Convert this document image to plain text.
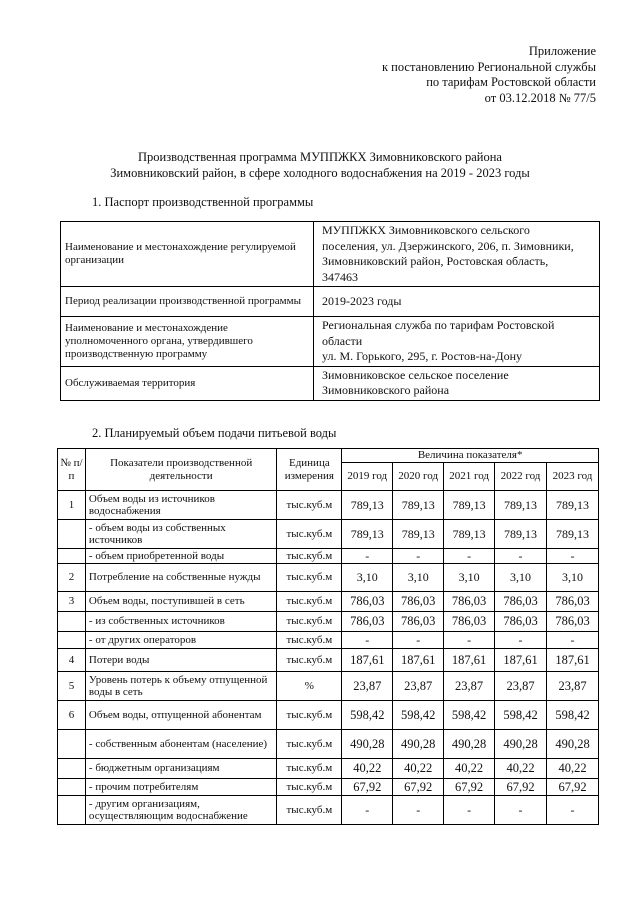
Приложение
к постановлению Региональной службы
по тарифам Ростовской области
от 03.12.2018 № 77/5
Производственная программа МУППЖКХ Зимовниковского района
Зимовниковский район, в сфере холодного водоснабжения на 2019 - 2023 годы
1. Паспорт производственной программы
Наименование и местонахождение регулируемой организации	МУППЖКХ Зимовниковского сельского
поселения, ул. Дзержинского, 206, п. Зимовники,
Зимовниковский район, Ростовская область,
347463

Период реализации производственной программы	2019-2023 годы

Наименование и местонахождение уполномоченного органа, утвердившего производственную программу	Региональная служба по тарифам Ростовской
области
ул. М. Горького, 295, г. Ростов-на-Дону

Обслуживаемая территория	Зимовниковское сельское поселение
Зимовниковского района
2. Планируемый объем подачи питьевой воды
№ п/п	Показатели производственной деятельности	Единица измерения	Величина показателя*				
			2019 год	2020 год	2021 год	2022 год	2023 год
1	Объем воды из источников водоснабжения	тыс.куб.м	789,13	789,13	789,13	789,13	789,13
	- объем воды из собственных источников	тыс.куб.м	789,13	789,13	789,13	789,13	789,13
	- объем приобретенной воды	тыс.куб.м	-	-	-	-	-
2	Потребление на собственные нужды	тыс.куб.м	3,10	3,10	3,10	3,10	3,10
3	Объем воды, поступившей в сеть	тыс.куб.м	786,03	786,03	786,03	786,03	786,03
	- из собственных источников	тыс.куб.м	786,03	786,03	786,03	786,03	786,03
	- от других операторов	тыс.куб.м	-	-	-	-	-
4	Потери воды	тыс.куб.м	187,61	187,61	187,61	187,61	187,61
5	Уровень потерь к объему отпущенной воды в сеть	%	23,87	23,87	23,87	23,87	23,87
6	Объем воды, отпущенной абонентам	тыс.куб.м	598,42	598,42	598,42	598,42	598,42
	- собственным абонентам (население)	тыс.куб.м	490,28	490,28	490,28	490,28	490,28
	- бюджетным организациям	тыс.куб.м	40,22	40,22	40,22	40,22	40,22
	- прочим потребителям	тыс.куб.м	67,92	67,92	67,92	67,92	67,92
	- другим организациям, осуществляющим водоснабжение	тыс.куб.м	-	-	-	-	-
